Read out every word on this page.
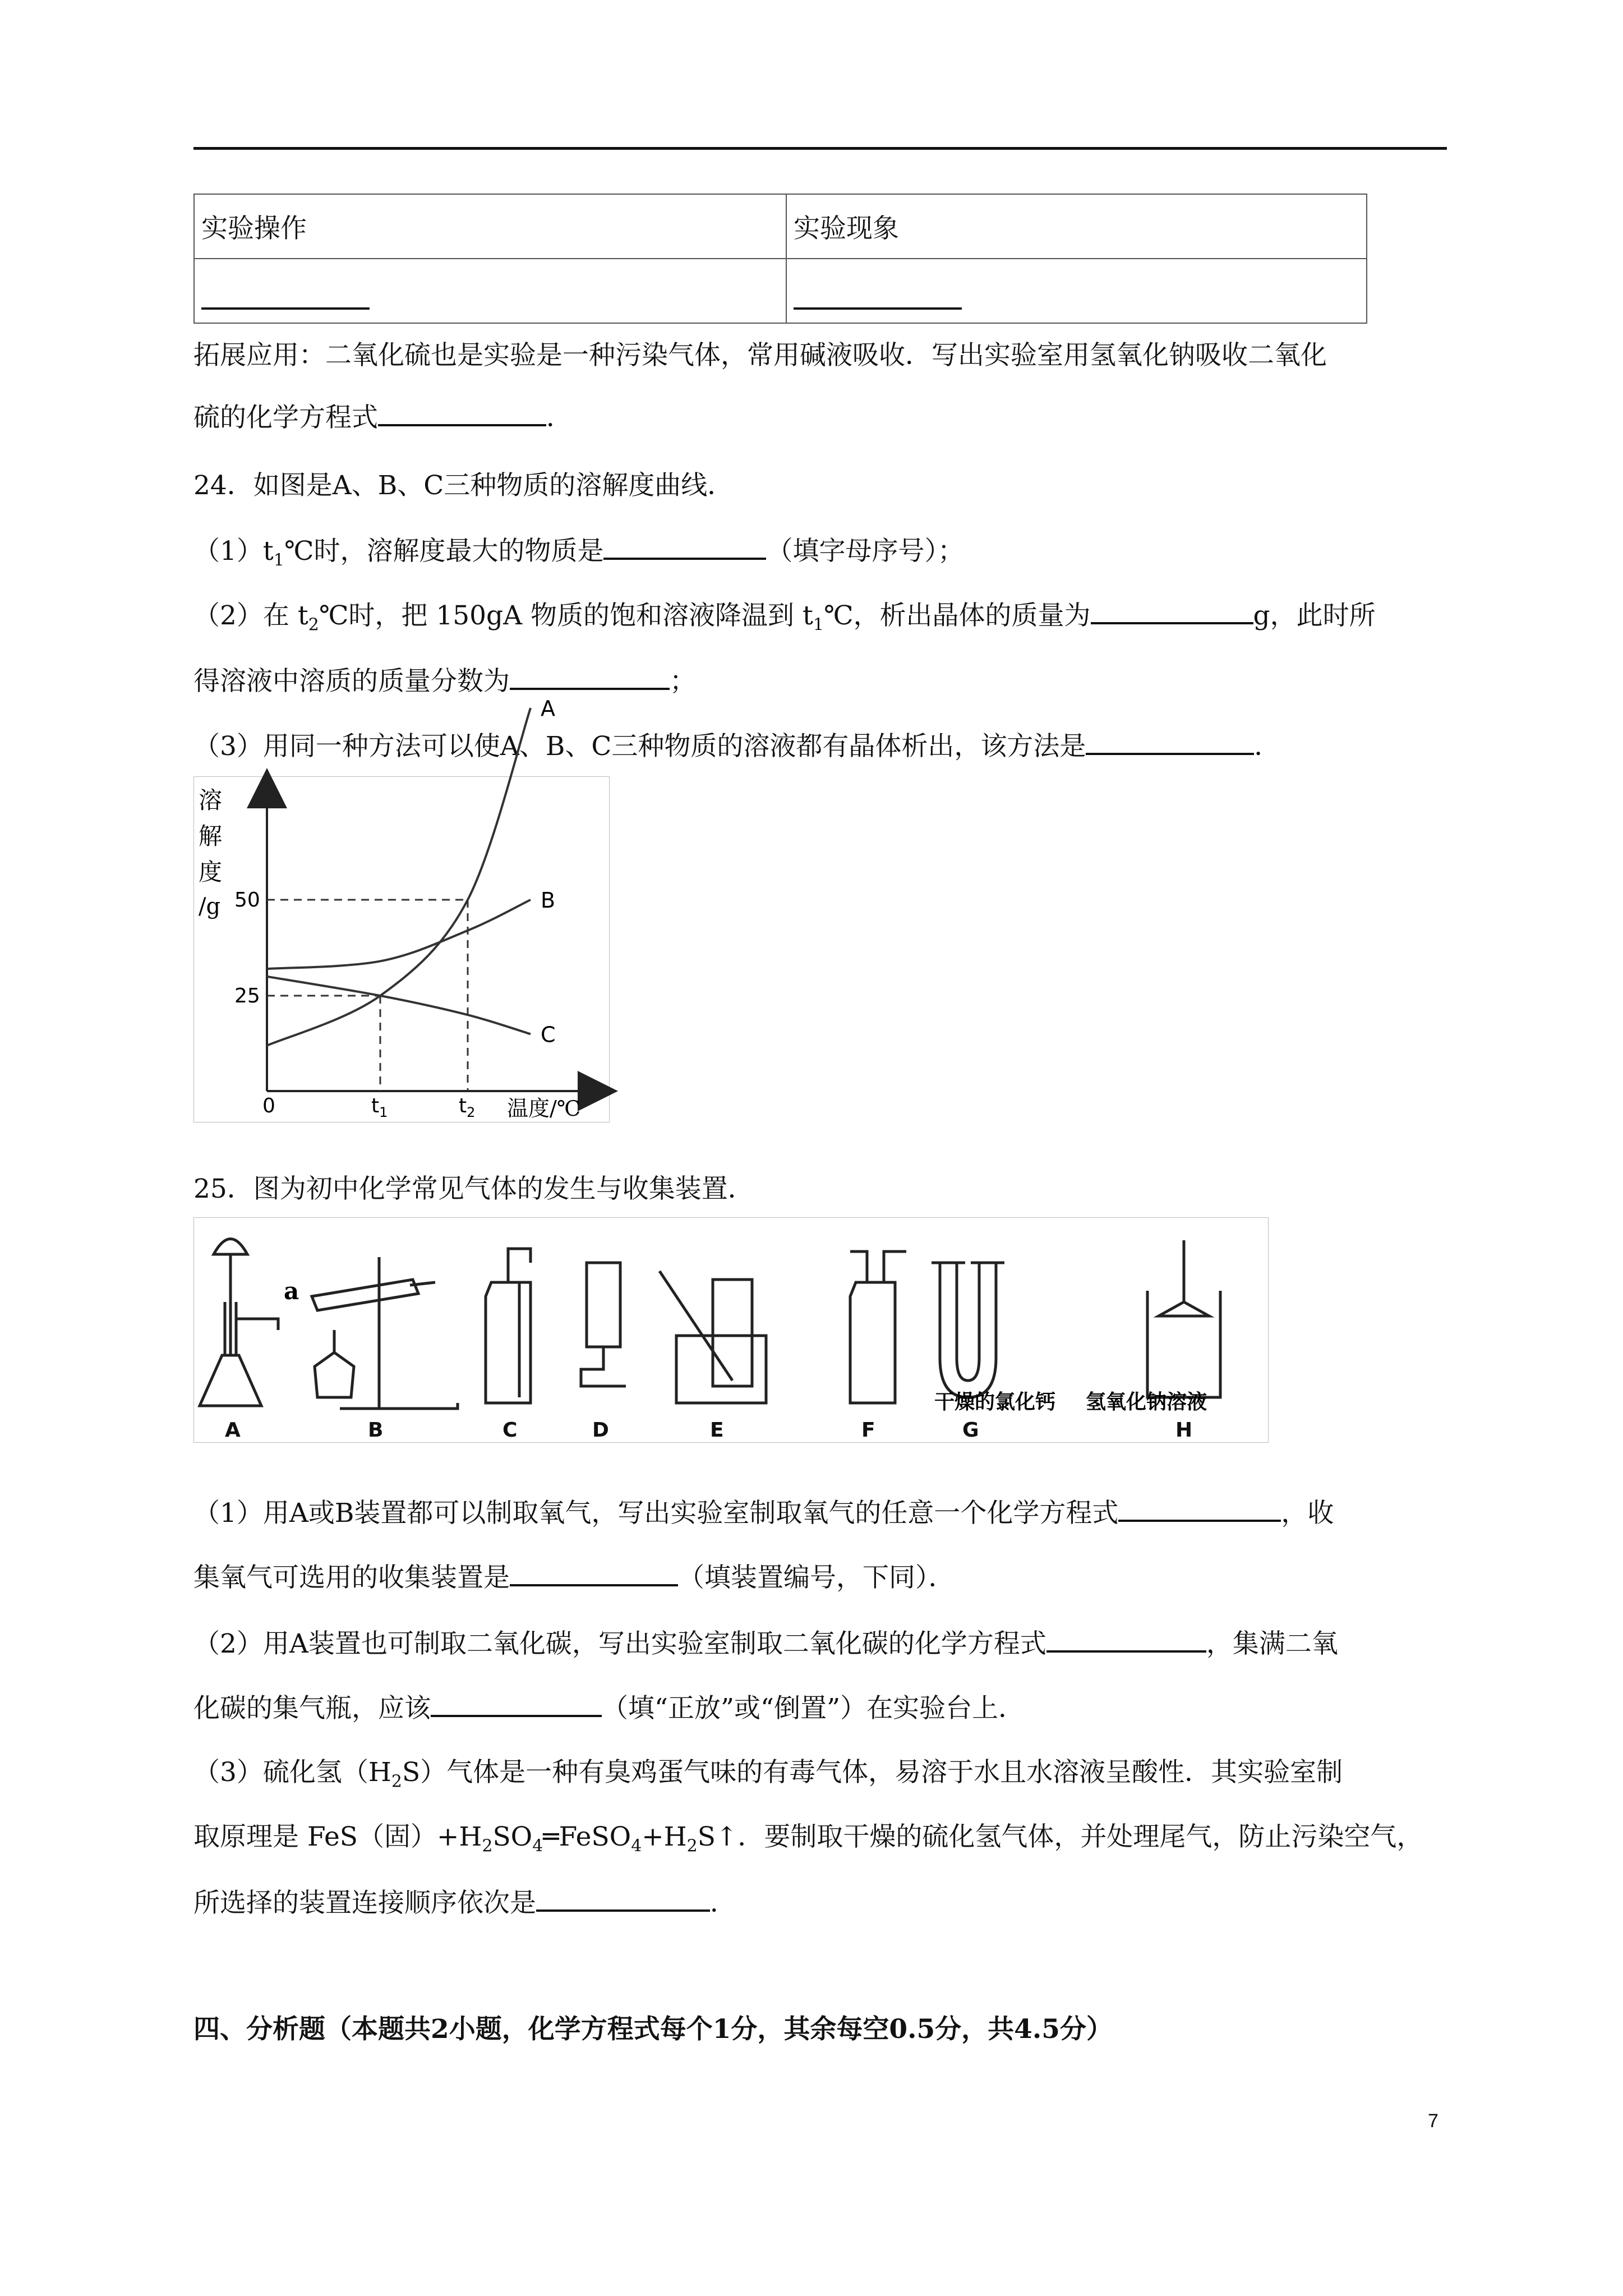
实验操作	实验现象

拓展应用：二氧化硫也是实验是一种污染气体，常用碱液吸收．写出实验室用氢氧化钠吸收二氧化
硫的化学方程式	．
24．如图是A、B、C三种物质的溶解度曲线．
$(1)t_1℃$时，溶解度最大的物质是	（填字母序号）；
（2）在 $t_2℃$时，把 150gA 物质的饱和溶液降温到 $t_1℃$，析出晶体的质量为	g，此时所
得溶液中溶质的质量分数为	；
（3）用同一种方法可以使A、B、C三种物质的溶液都有晶体析出，该方法是	．
溶
解
度
/g 50
25
0	$t_1$	$t_2$ 温度/℃
A
B
C
25．图为初中化学常见气体的发生与收集装置．
a
干燥的氯化钙 氢氧化钠溶液
A	B	C	D	E	F	G	H
（1）用A或B装置都可以制取氧气，写出实验室制取氧气的任意一个化学方程式	，收
集氧气可选用的收集装置是	（填装置编号，下同）．
（2）用A装置也可制取二氧化碳，写出实验室制取二氧化碳的化学方程式	，集满二氧
化碳的集气瓶，应该	（填“正放”或“倒置”）在实验台上．
（3）硫化氢$(H_2S)$气体是一种有臭鸡蛋气味的有毒气体，易溶于水且水溶液呈酸性．其实验室制
取原理是 FeS（固）$+H_2SO_4═FeSO_4+H_2S↑$．要制取干燥的硫化氢气体，并处理尾气，防止污染空气，
所选择的装置连接顺序依次是	．
四、分析题（本题共2小题，化学方程式每个1分，其余每空0.5分，共4.5分）
7
